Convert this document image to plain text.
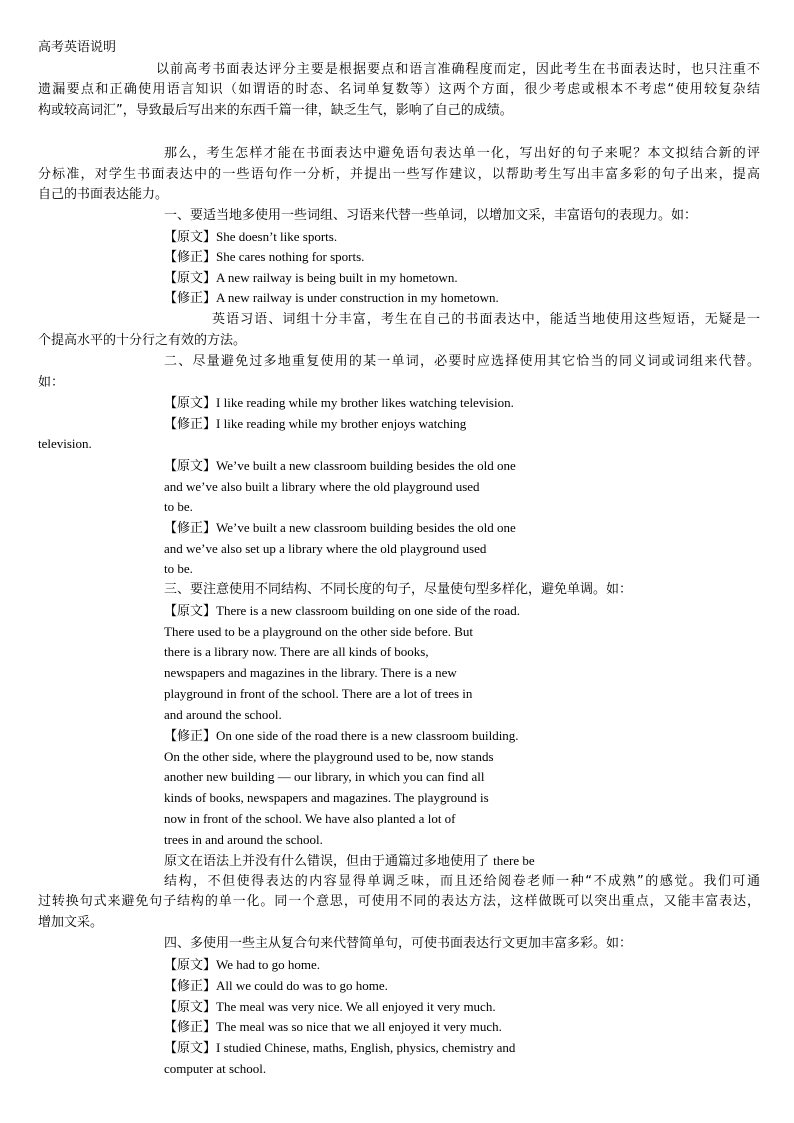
高考英语说明
以前高考书面表达评分主要是根据要点和语言准确程度而定，因此考生在书面表达时，也只注重不
遗漏要点和正确使用语言知识（如谓语的时态、名词单复数等）这两个方面，很少考虑或根本不考虑“使用较复杂结
构或较高词汇”，导致最后写出来的东西千篇一律，缺乏生气，影响了自己的成绩。
那么，考生怎样才能在书面表达中避免语句表达单一化，写出好的句子来呢？本文拟结合新的评
分标准，对学生书面表达中的一些语句作一分析，并提出一些写作建议，以帮助考生写出丰富多彩的句子出来，提高
自己的书面表达能力。
一、要适当地多使用一些词组、习语来代替一些单词，以增加文采，丰富语句的表现力。如：
【原文】She doesn’t like sports.
【修正】She cares nothing for sports.
【原文】A new railway is being built in my hometown.
【修正】A new railway is under construction in my hometown.
英语习语、词组十分丰富，考生在自己的书面表达中，能适当地使用这些短语，无疑是一
个提高水平的十分行之有效的方法。
二、尽量避免过多地重复使用的某一单词，必要时应选择使用其它恰当的同义词或词组来代替。
如：
【原文】I like reading while my brother likes watching television.
【修正】I like reading while my brother enjoys watching
television.
【原文】We’ve built a new classroom building besides the old one
and we’ve also built a library where the old playground used
to be.
【修正】We’ve built a new classroom building besides the old one
and we’ve also set up a library where the old playground used
to be.
三、要注意使用不同结构、不同长度的句子，尽量使句型多样化，避免单调。如：
【原文】There is a new classroom building on one side of the road.
There used to be a playground on the other side before. But
there is a library now. There are all kinds of books,
newspapers and magazines in the library. There is a new
playground in front of the school. There are a lot of trees in
and around the school.
【修正】On one side of the road there is a new classroom building.
On the other side, where the playground used to be, now stands
another new building — our library, in which you can find all
kinds of books, newspapers and magazines. The playground is
now in front of the school. We have also planted a lot of
trees in and around the school.
原文在语法上并没有什么错误，但由于通篇过多地使用了 there be
结构，不但使得表达的内容显得单调乏味，而且还给阅卷老师一种“不成熟”的感觉。我们可通
过转换句式来避免句子结构的单一化。同一个意思，可使用不同的表达方法，这样做既可以突出重点，又能丰富表达，
增加文采。
四、多使用一些主从复合句来代替简单句，可使书面表达行文更加丰富多彩。如：
【原文】We had to go home.
【修正】All we could do was to go home.
【原文】The meal was very nice. We all enjoyed it very much.
【修正】The meal was so nice that we all enjoyed it very much.
【原文】I studied Chinese, maths, English, physics, chemistry and
computer at school.
